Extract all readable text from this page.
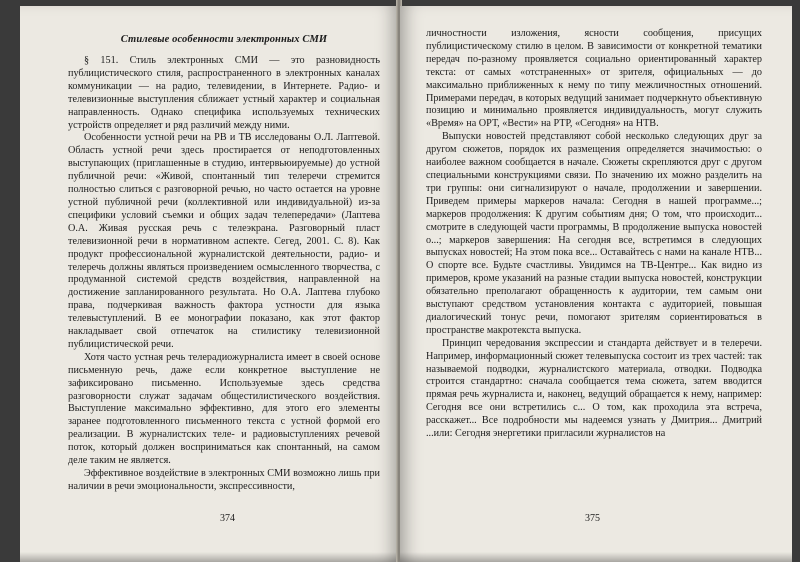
Стилевые особенности электронных СМИ

§ 151. Стиль электронных СМИ — это разновидность публицистического стиля, распространенного в электронных каналах коммуникации — на радио, телевидении, в Интернете. Радио- и телевизионные выступления сближает устный характер и социальная направленность. Однако специфика используемых технических устройств определяет и ряд различий между ними.

Особенности устной речи на РВ и ТВ исследованы О.Л. Лаптевой. Область устной речи здесь простирается от неподготовленных выступающих (приглашенные в студию, интервьюируемые) до устной публичной речи: «Живой, спонтанный тип телеречи стремится полностью слиться с разговорной речью, но часто остается на уровне устной публичной речи (коллективной или индивидуальной) из-за специфики условий съемки и общих задач телепередачи» (Лаптева О.А. Живая русская речь с телеэкрана. Разговорный пласт телевизионной речи в нормативном аспекте. Сегед, 2001. С. 8). Как продукт профессиональной журналистской деятельности, радио- и телеречь должны являться произведением осмысленного творчества, с продуманной системой средств воздействия, направленной на достижение запланированного результата. Но О.А. Лаптева глубоко права, подчеркивая важность фактора устности для языка телевыступлений. В ее монографии показано, как этот фактор накладывает свой отпечаток на стилистику телевизионной публицистической речи.

Хотя часто устная речь телерадиожурналиста имеет в своей основе письменную речь, даже если конкретное выступление не зафиксировано письменно. Используемые здесь средства разговорности служат задачам общестилистического воздействия. Выступление максимально эффективно, для этого его элементы заранее подготовленного письменного текста с устной формой его реализации. В журналистских теле- и радиовыступлениях речевой поток, который должен восприниматься как спонтанный, на самом деле таким не является.

Эффективное воздействие в электронных СМИ возможно лишь при наличии в речи эмоциональности, экспрессивности,

374

личностности изложения, ясности сообщения, присущих публицистическому стилю в целом. В зависимости от конкретной тематики передач по-разному проявляется социально ориентированный характер текста: от самых «отстраненных» от зрителя, официальных — до максимально приближенных к нему по типу межличностных отношений. Примерами передач, в которых ведущий занимает подчеркнуто объективную позицию и минимально проявляется индивидуальность, могут служить «Время» на ОРТ, «Вести» на РТР, «Сегодня» на НТВ.

Выпуски новостей представляют собой несколько следующих друг за другом сюжетов, порядок их размещения определяется значимостью: о наиболее важном сообщается в начале. Сюжеты скрепляются друг с другом специальными конструкциями связи. По значению их можно разделить на три группы: они сигнализируют о начале, продолжении и завершении. Приведем примеры маркеров начала: Сегодня в нашей программе...; маркеров продолжения: К другим событиям дня; О том, что происходит... смотрите в следующей части программы, В продолжение выпуска новостей о...; маркеров завершения: На сегодня все, встретимся в следующих выпусках новостей; На этом пока все... Оставайтесь с нами на канале НТВ... О спорте все. Будьте счастливы. Увидимся на ТВ-Центре... Как видно из примеров, кроме указаний на разные стадии выпуска новостей, конструкции обязательно преполагают обращенность к аудитории, тем самым они выступают средством установления контакта с аудиторией, повышая диалогический тонус речи, помогают зрителям сориентироваться в пространстве макротекста выпуска.

Принцип чередования экспрессии и стандарта действует и в телеречи. Например, информационный сюжет телевыпуска состоит из трех частей: так называемой подводки, журналистского материала, отводки. Подводка строится стандартно: сначала сообщается тема сюжета, затем вводится прямая речь журналиста и, наконец, ведущий обращается к нему, например: Сегодня все они встретились с... О том, как проходила эта встреча, расскажет... Все подробности мы надеемся узнать у Дмитрия... Дмитрий ...или: Сегодня энергетики пригласили журналистов на

375
